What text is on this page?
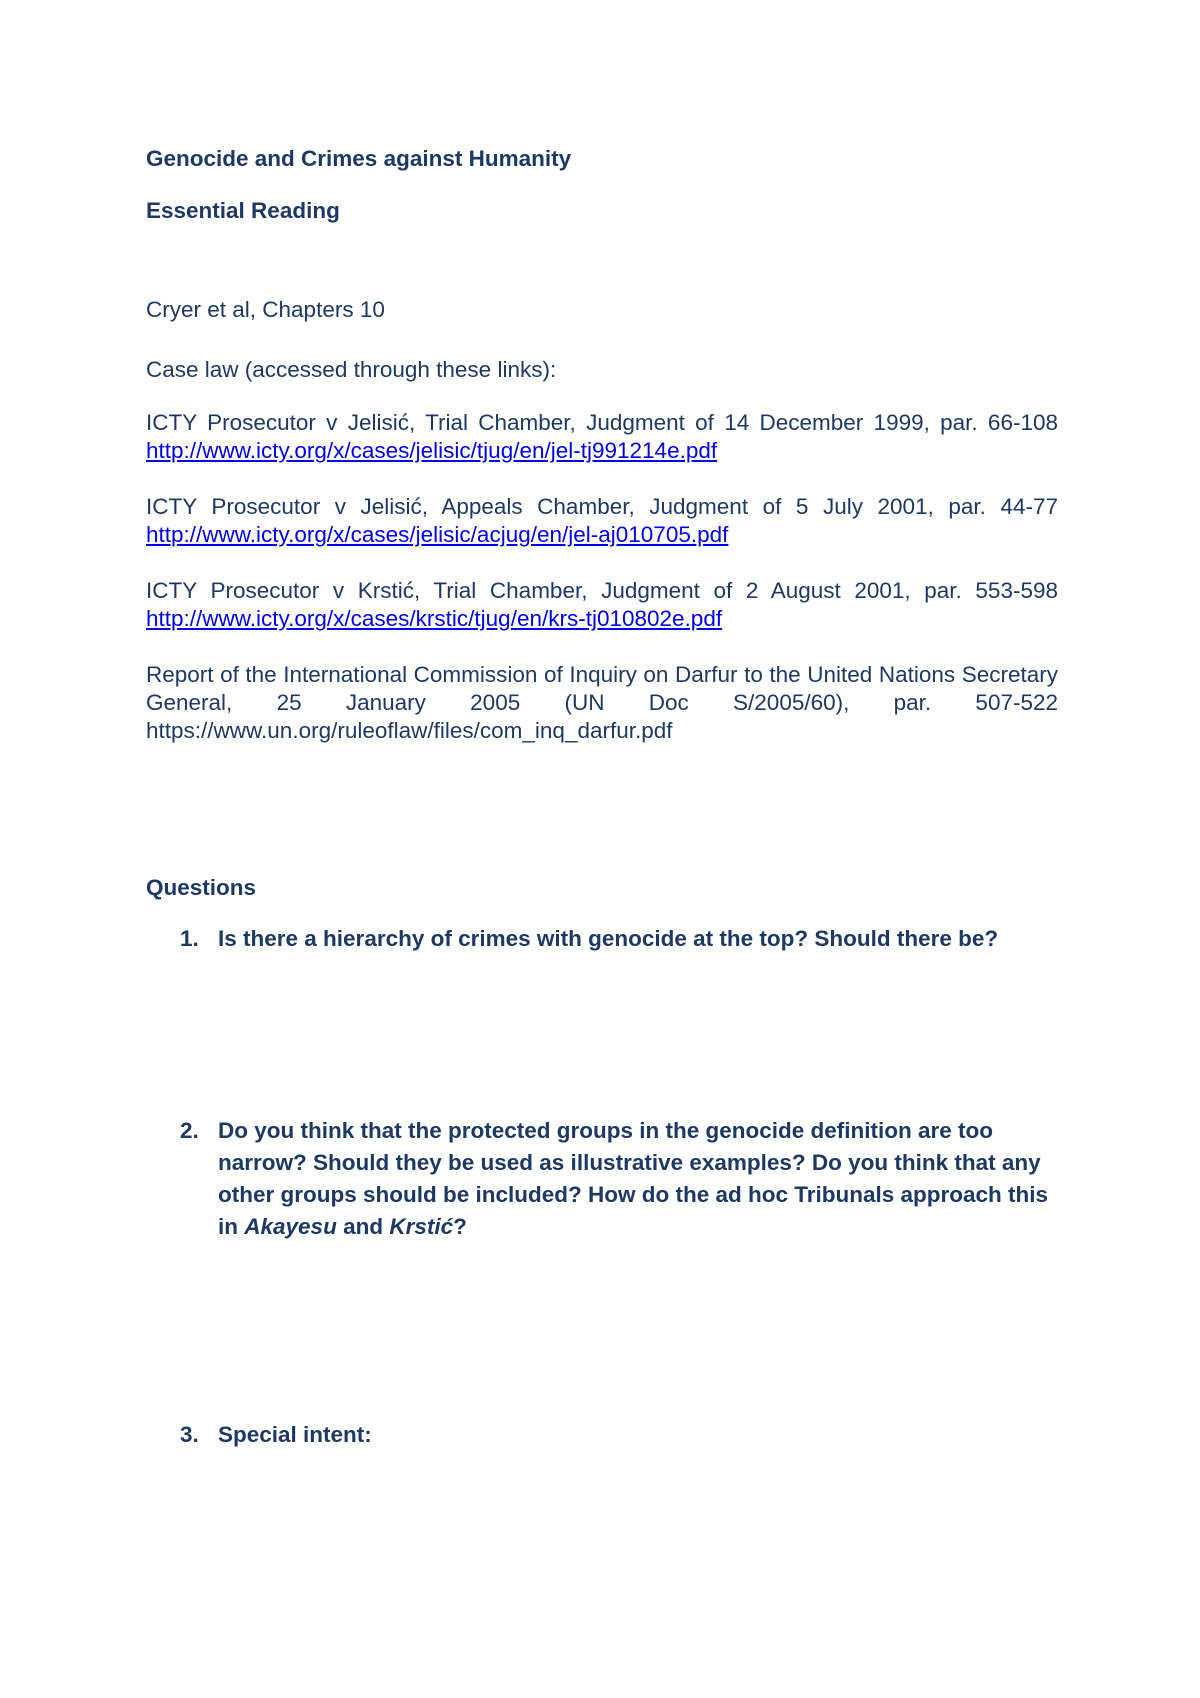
Genocide and Crimes against Humanity

Essential Reading

Cryer et al, Chapters 10

Case law (accessed through these links):

ICTY Prosecutor v Jelisić, Trial Chamber, Judgment of 14 December 1999, par. 66-108 http://www.icty.org/x/cases/jelisic/tjug/en/jel-tj991214e.pdf

ICTY Prosecutor v Jelisić, Appeals Chamber, Judgment of 5 July 2001, par. 44-77 http://www.icty.org/x/cases/jelisic/acjug/en/jel-aj010705.pdf

ICTY Prosecutor v Krstić, Trial Chamber, Judgment of 2 August 2001, par. 553-598 http://www.icty.org/x/cases/krstic/tjug/en/krs-tj010802e.pdf

Report of the International Commission of Inquiry on Darfur to the United Nations Secretary General, 25 January 2005 (UN Doc S/2005/60), par. 507-522 https://www.un.org/ruleoflaw/files/com_inq_darfur.pdf

Questions

1. Is there a hierarchy of crimes with genocide at the top? Should there be?
2. Do you think that the protected groups in the genocide definition are too narrow? Should they be used as illustrative examples? Do you think that any other groups should be included? How do the ad hoc Tribunals approach this in Akayesu and Krstić?
3. Special intent:
